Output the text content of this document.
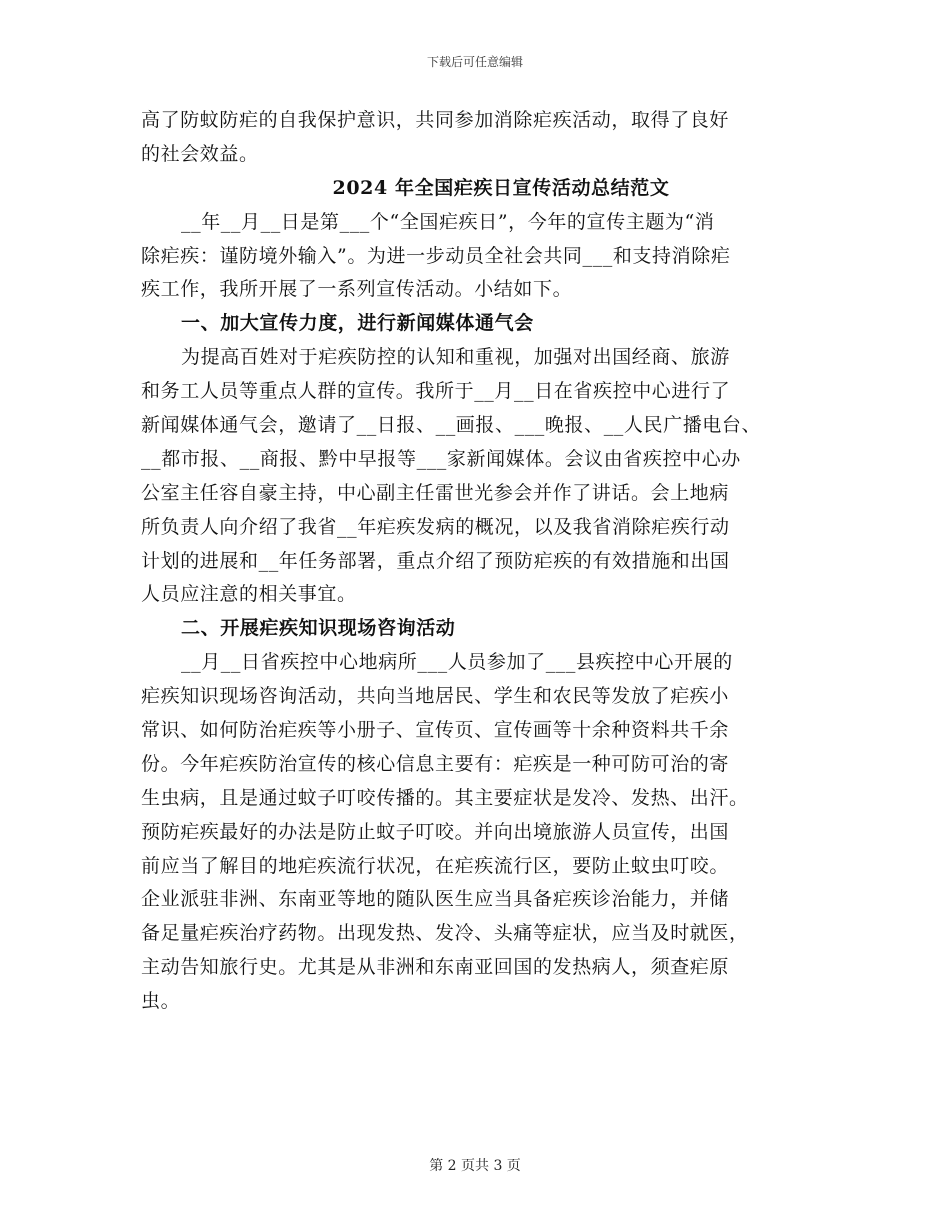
下载后可任意编辑
高了防蚊防疟的自我保护意识，共同参加消除疟疾活动，取得了良好
的社会效益。
2024 年全国疟疾日宣传活动总结范文
__年__月__日是第___个“全国疟疾日”，今年的宣传主题为“消
除疟疾：谨防境外输入”。为进一步动员全社会共同___和支持消除疟
疾工作，我所开展了一系列宣传活动。小结如下。
一、加大宣传力度，进行新闻媒体通气会
为提高百姓对于疟疾防控的认知和重视，加强对出国经商、旅游
和务工人员等重点人群的宣传。我所于__月__日在省疾控中心进行了
新闻媒体通气会，邀请了__日报、__画报、___晚报、__人民广播电台、
__都市报、__商报、黔中早报等___家新闻媒体。会议由省疾控中心办
公室主任容自豪主持，中心副主任雷世光参会并作了讲话。会上地病
所负责人向介绍了我省__年疟疾发病的概况，以及我省消除疟疾行动
计划的进展和__年任务部署，重点介绍了预防疟疾的有效措施和出国
人员应注意的相关事宜。
二、开展疟疾知识现场咨询活动
__月__日省疾控中心地病所___人员参加了___县疾控中心开展的
疟疾知识现场咨询活动，共向当地居民、学生和农民等发放了疟疾小
常识、如何防治疟疾等小册子、宣传页、宣传画等十余种资料共千余
份。今年疟疾防治宣传的核心信息主要有：疟疾是一种可防可治的寄
生虫病，且是通过蚊子叮咬传播的。其主要症状是发冷、发热、出汗。
预防疟疾最好的办法是防止蚊子叮咬。并向出境旅游人员宣传，出国
前应当了解目的地疟疾流行状况，在疟疾流行区，要防止蚊虫叮咬。
企业派驻非洲、东南亚等地的随队医生应当具备疟疾诊治能力，并储
备足量疟疾治疗药物。出现发热、发冷、头痛等症状，应当及时就医，
主动告知旅行史。尤其是从非洲和东南亚回国的发热病人，须查疟原
虫。
第 2 页共 3 页
